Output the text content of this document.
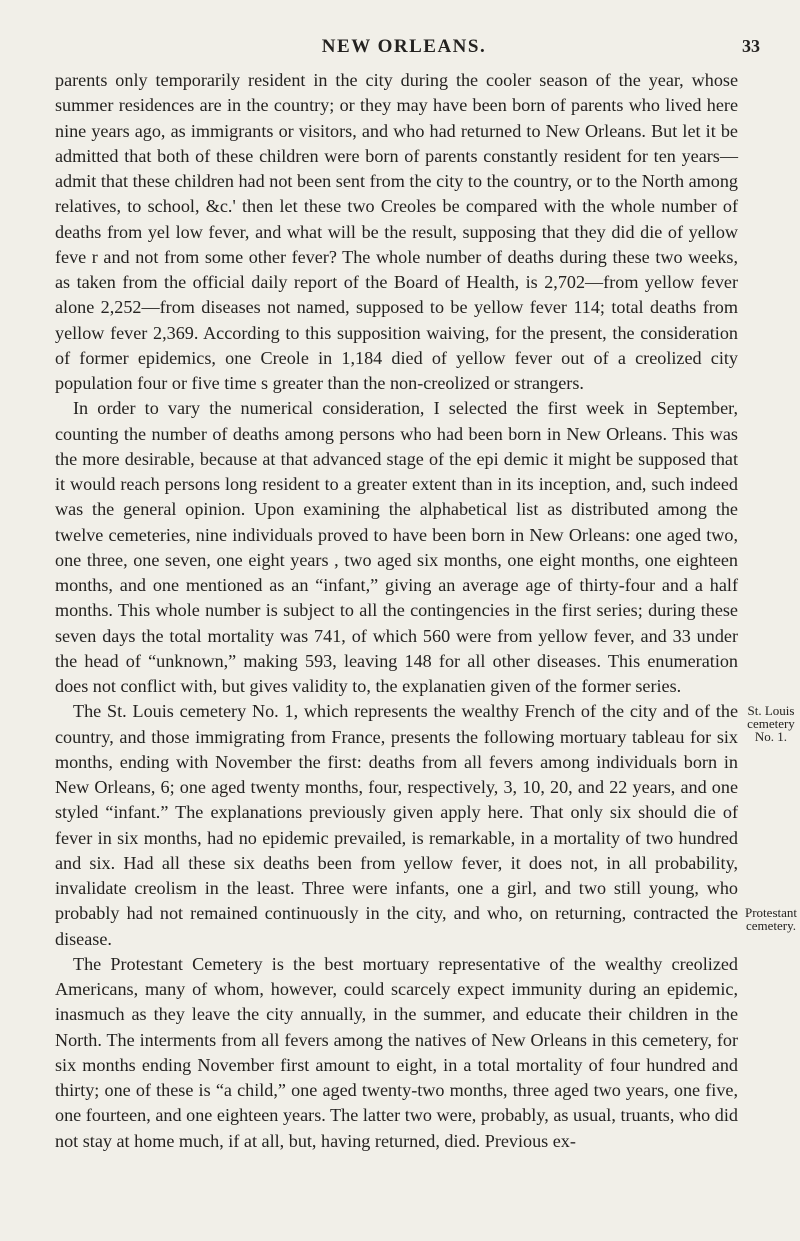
NEW ORLEANS.	33

parents only temporarily resident in the city during the cooler season of the year, whose summer residences are in the country; or they may have been born of parents who lived here nine years ago, as immigrants or visitors, and who had returned to New Orleans. But let it be admitted that both of these children were born of parents constantly resident for ten years—admit that these children had not been sent from the city to the country, or to the North among relatives, to school, &c.' then let these two Creoles be compared with the whole number of deaths from yel low fever, and what will be the result, supposing that they did die of yellow feve r and not from some other fever? The whole number of deaths during these two weeks, as taken from the official daily report of the Board of Health, is 2,702—from yellow fever alone 2,252—from diseases not named, supposed to be yellow fever 114; total deaths from yellow fever 2,369. According to this supposition waiving, for the present, the consideration of former epidemics, one Creole in 1,184 died of yellow fever out of a creolized city population four or five time s greater than the non-creolized or strangers.

In order to vary the numerical consideration, I selected the first week in September, counting the number of deaths among persons who had been born in New Orleans. This was the more desirable, because at that advanced stage of the epi demic it might be supposed that it would reach persons long resident to a greater extent than in its inception, and, such indeed was the general opinion. Upon examining the alphabetical list as distributed among the twelve cemeteries, nine individuals proved to have been born in New Orleans: one aged two, one three, one seven, one eight years , two aged six months, one eight months, one eighteen months, and one mentioned as an “infant,” giving an average age of thirty-four and a half months. This whole number is subject to all the contingencies in the first series; during these seven days the total mortality was 741, of which 560 were from yellow fever, and 33 under the head of “unknown,” making 593, leaving 148 for all other diseases. This enumeration does not conflict with, but gives validity to, the explanatien given of the former series.

The St. Louis cemetery No. 1, which represents the wealthy French of the city and of the country, and those immigrating from France, presents the following mortuary tableau for six months, ending with November the first: deaths from all fevers among individuals born in New Orleans, 6; one aged twenty months, four, respectively, 3, 10, 20, and 22 years, and one styled “infant.” The explanations previously given apply here. That only six should die of fever in six months, had no epidemic prevailed, is remarkable, in a mortality of two hundred and six. Had all these six deaths been from yellow fever, it does not, in all probability, invalidate creolism in the least. Three were infants, one a girl, and two still young, who probably had not remained continuously in the city, and who, on returning, contracted the disease.

The Protestant Cemetery is the best mortuary representative of the wealthy creolized Americans, many of whom, however, could scarcely expect immunity during an epidemic, inasmuch as they leave the city annually, in the summer, and educate their children in the North. The interments from all fevers among the natives of New Orleans in this cemetery, for six months ending November first amount to eight, in a total mortality of four hundred and thirty; one of these is “a child,” one aged twenty-two months, three aged two years, one five, one fourteen, and one eighteen years. The latter two were, probably, as usual, truants, who did not stay at home much, if at all, but, having returned, died. Previous ex-

St. Louis cemetery No. 1.
Protestant cemetery.
